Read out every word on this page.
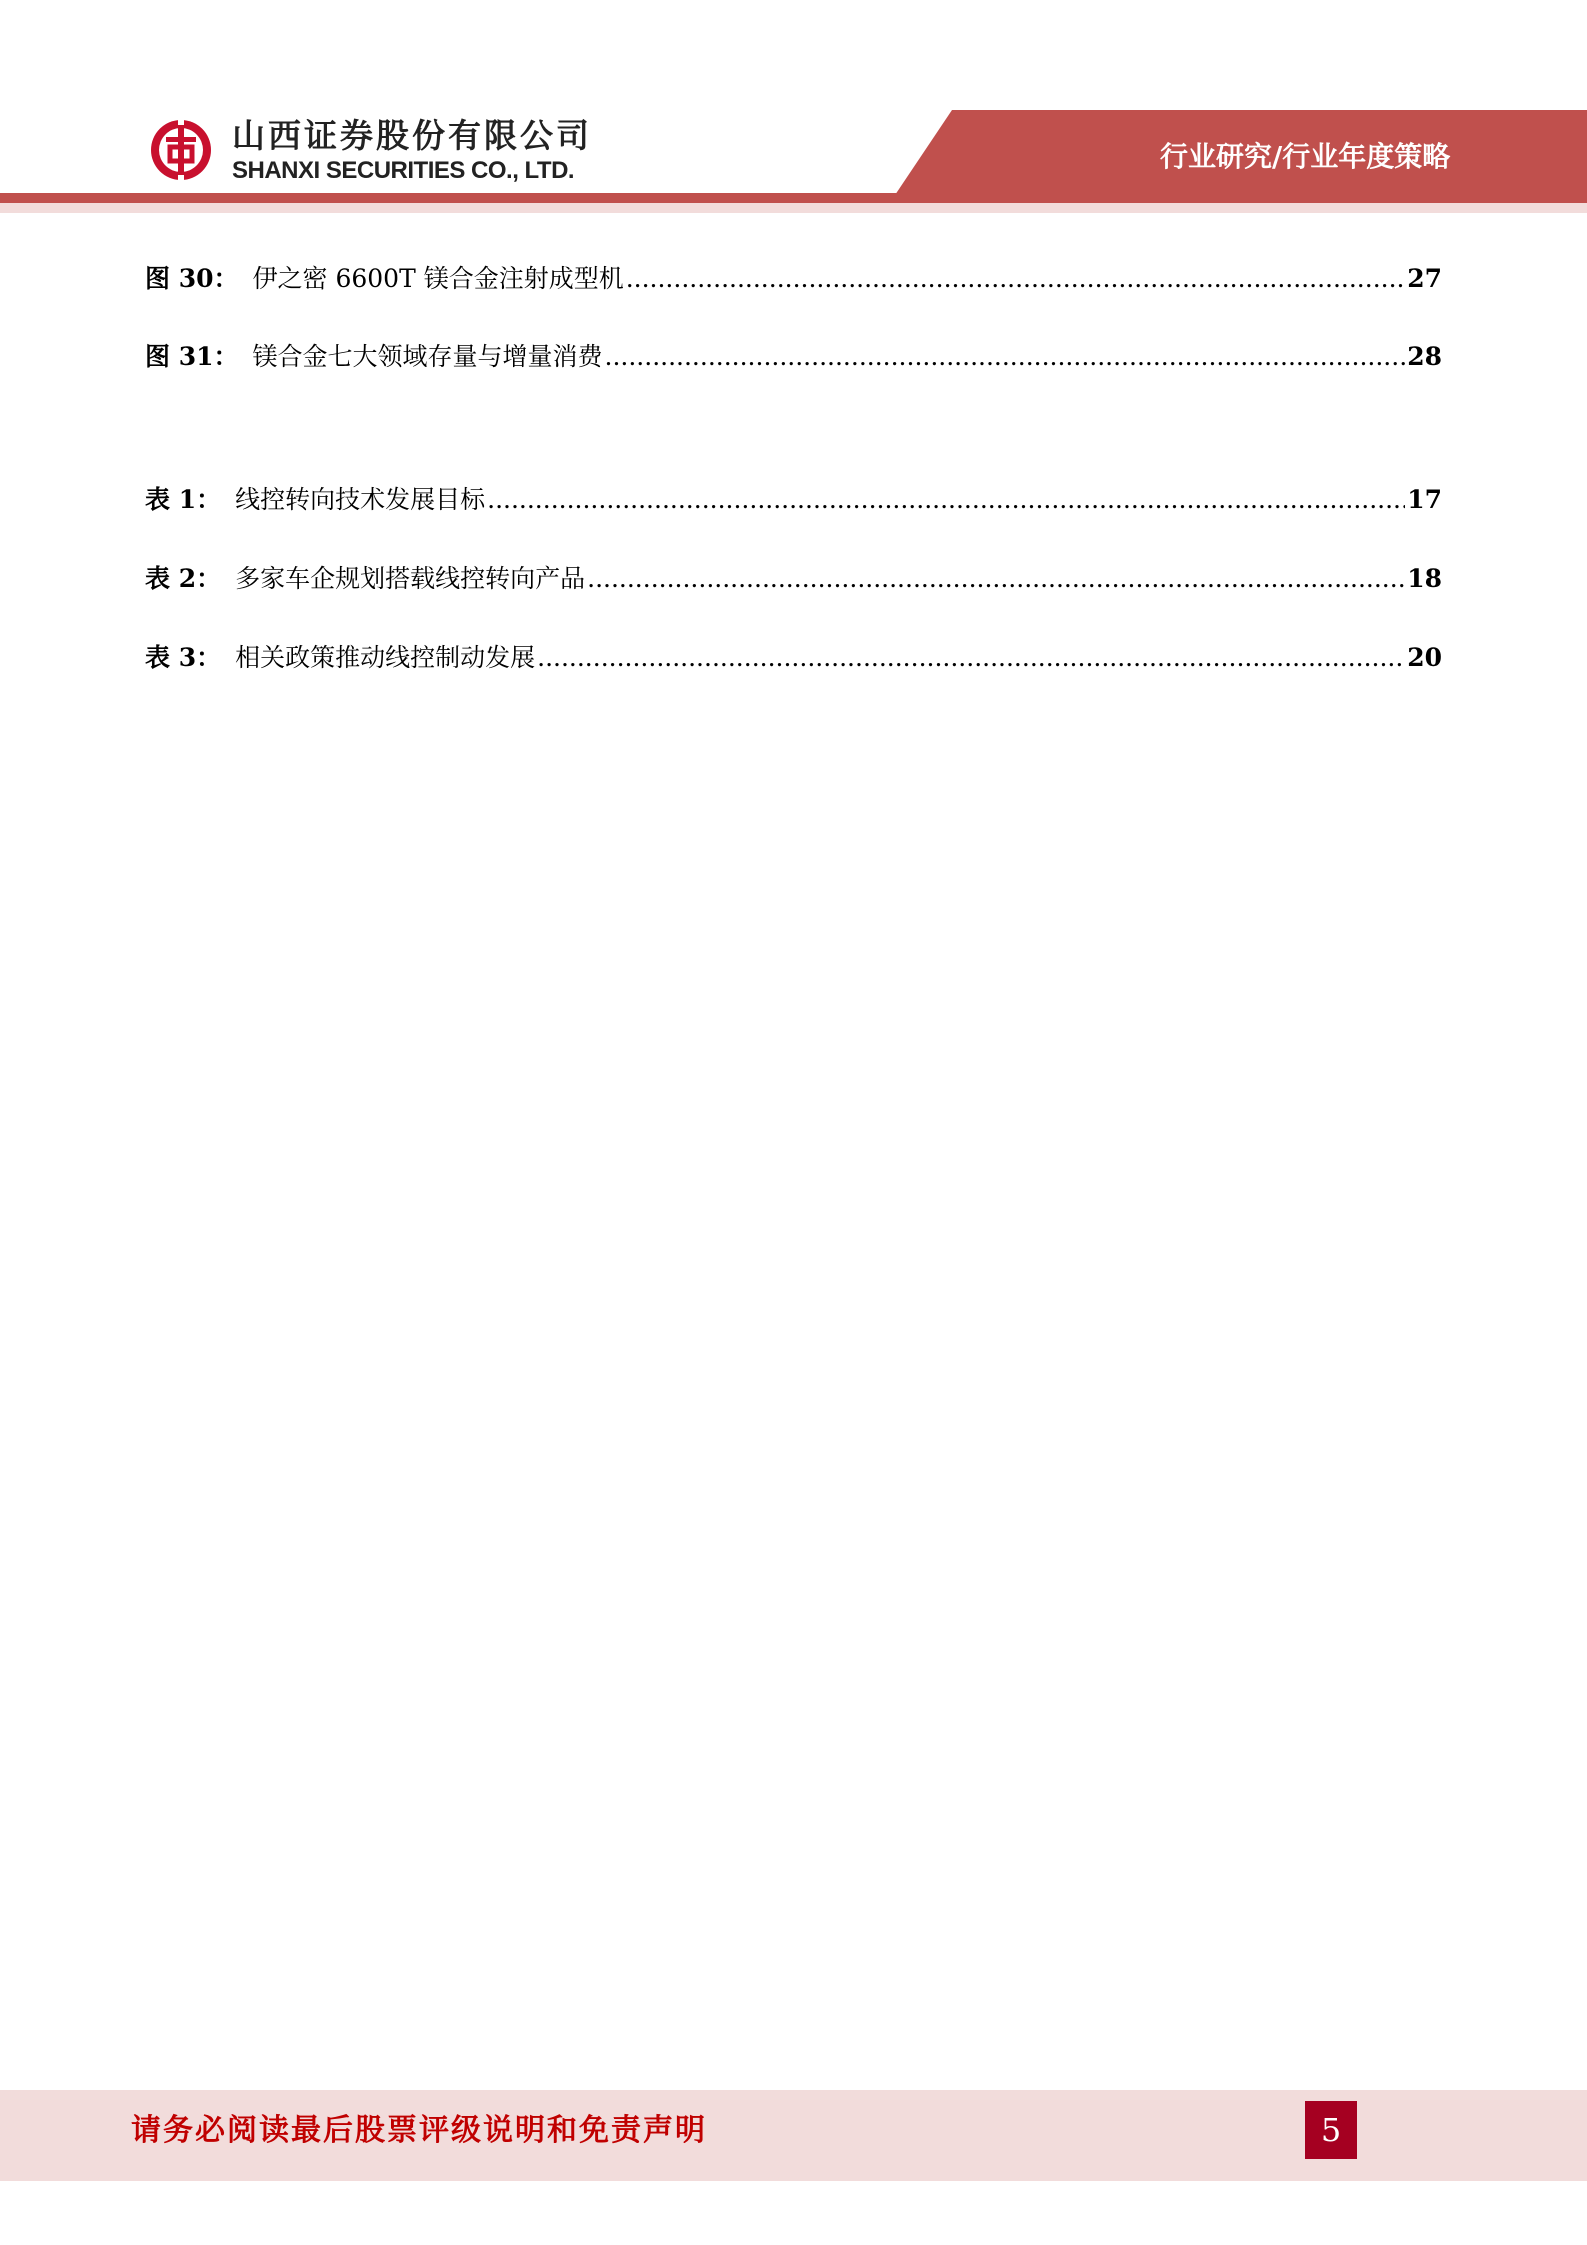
行业研究/行业年度策略
山西证券股份有限公司
SHANXI SECURITIES CO., LTD.
图 30： 伊之密 6600T 镁合金注射成型机 .....	27
图 31： 镁合金七大领域存量与增量消费 .....	28
表 1： 线控转向技术发展目标 .....	17
表 2： 多家车企规划搭载线控转向产品 .....	18
表 3： 相关政策推动线控制动发展 .....	20
请务必阅读最后股票评级说明和免责声明	5
